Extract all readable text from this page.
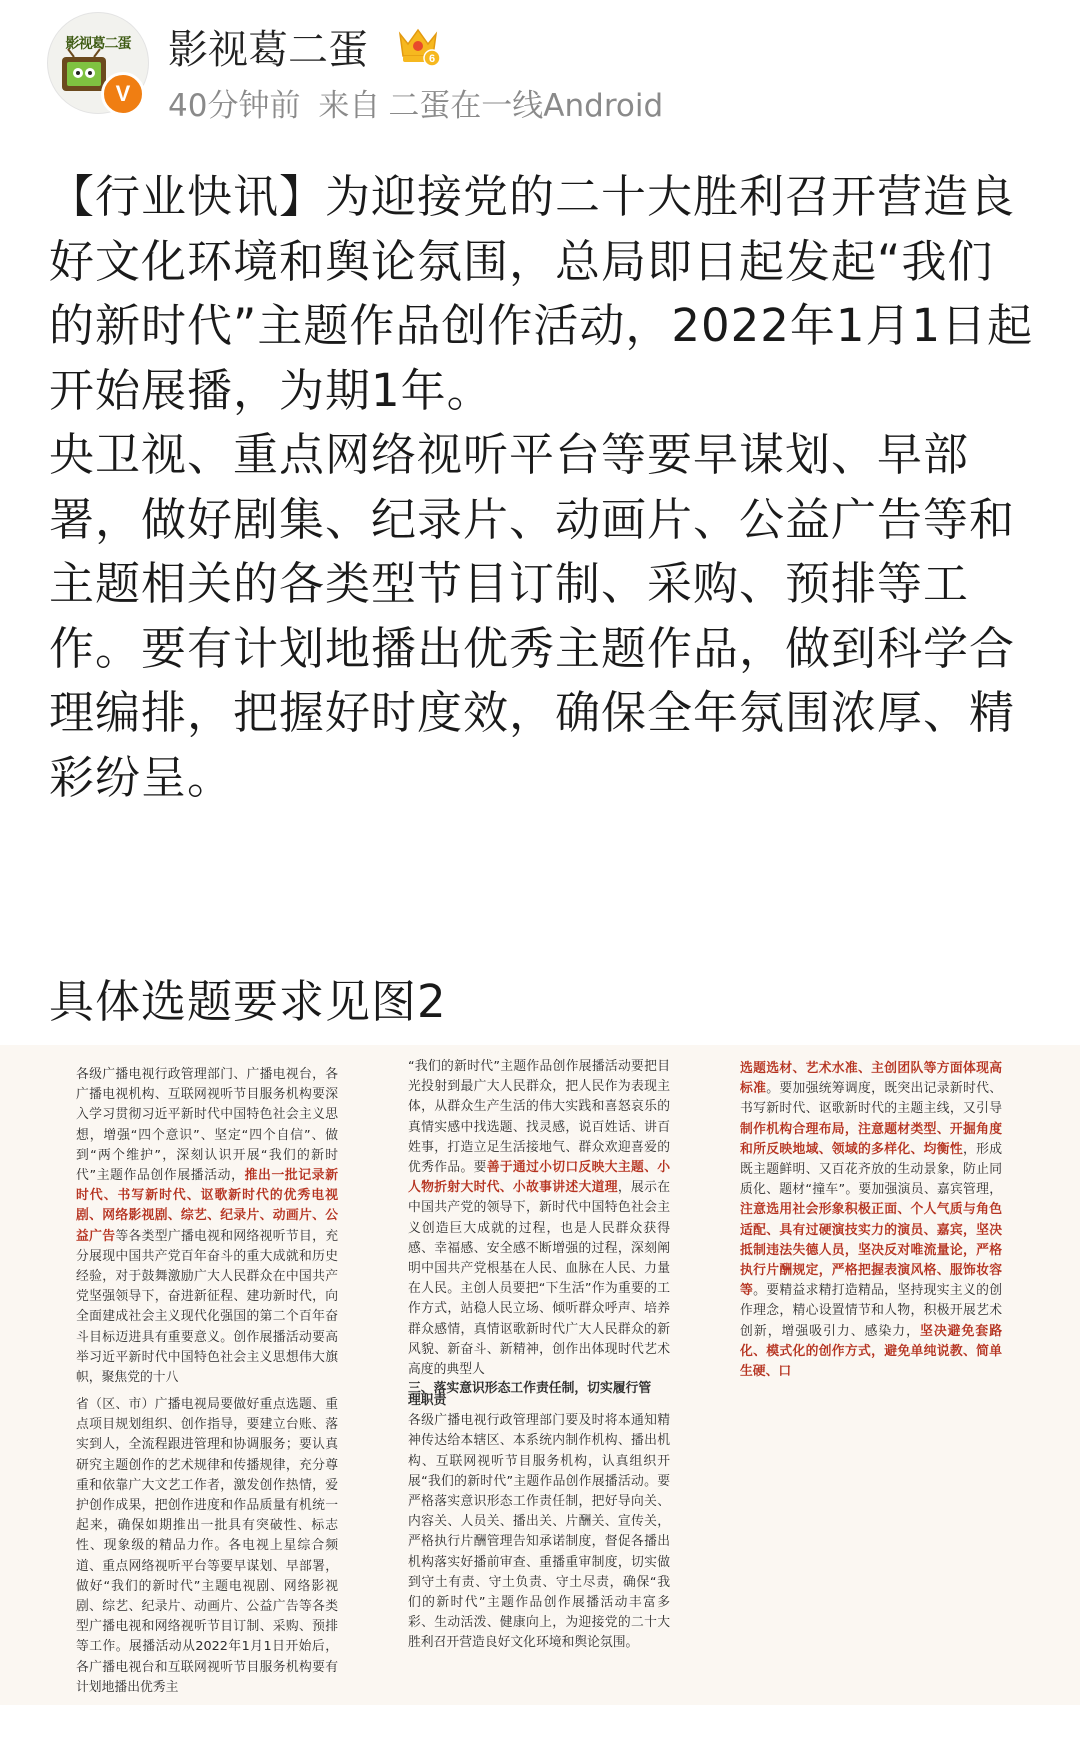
影视葛二蛋
V
影视葛二蛋	6
40分钟前 来自 二蛋在一线Android

【行业快讯】为迎接党的二十大胜利召开营造良好文化环境和舆论氛围，总局即日起发起“我们的新时代”主题作品创作活动，2022年1月1日起开始展播，为期1年。

央卫视、重点网络视听平台等要早谋划、早部署，做好剧集、纪录片、动画片、公益广告等和主题相关的各类型节目订制、采购、预排等工作。要有计划地播出优秀主题作品，做到科学合理编排，把握好时度效，确保全年氛围浓厚、精彩纷呈。

具体选题要求见图2
各级广播电视行政管理部门、广播电视台，各广播电视机构、互联网视听节目服务机构要深入学习贯彻习近平新时代中国特色社会主义思想，增强“四个意识”、坚定“四个自信”、做到“两个维护”，深刻认识开展“我们的新时代”主题作品创作展播活动，推出一批记录新时代、书写新时代、讴歌新时代的优秀电视剧、网络影视剧、综艺、纪录片、动画片、公益广告等各类型广播电视和网络视听节目，充分展现中国共产党百年奋斗的重大成就和历史经验，对于鼓舞激励广大人民群众在中国共产党坚强领导下，奋进新征程、建功新时代，向全面建成社会主义现代化强国的第二个百年奋斗目标迈进具有重要意义。创作展播活动要高举习近平新时代中国特色社会主义思想伟大旗帜，聚焦党的十八
“我们的新时代”主题作品创作展播活动要把目光投射到最广大人民群众，把人民作为表现主体，从群众生产生活的伟大实践和喜怒哀乐的真情实感中找选题、找灵感，说百姓话、讲百姓事，打造立足生活接地气、群众欢迎喜爱的优秀作品。要善于通过小切口反映大主题、小人物折射大时代、小故事讲述大道理，展示在中国共产党的领导下，新时代中国特色社会主义创造巨大成就的过程，也是人民群众获得感、幸福感、安全感不断增强的过程，深刻阐明中国共产党根基在人民、血脉在人民、力量在人民。主创人员要把“下生活”作为重要的工作方式，站稳人民立场、倾听群众呼声、培养群众感情，真情讴歌新时代广大人民群众的新风貌、新奋斗、新精神，创作出体现时代艺术高度的典型人
选题选材、艺术水准、主创团队等方面体现高标准。要加强统筹调度，既突出记录新时代、书写新时代、讴歌新时代的主题主线，又引导制作机构合理布局，注意题材类型、开掘角度和所反映地域、领域的多样化、均衡性，形成既主题鲜明、又百花齐放的生动景象，防止同质化、题材“撞车”。要加强演员、嘉宾管理，注意选用社会形象积极正面、个人气质与角色适配、具有过硬演技实力的演员、嘉宾，坚决抵制违法失德人员，坚决反对唯流量论，严格执行片酬规定，严格把握表演风格、服饰妆容等。要精益求精打造精品，坚持现实主义的创作理念，精心设置情节和人物，积极开展艺术创新，增强吸引力、感染力，坚决避免套路化、模式化的创作方式，避免单纯说教、简单生硬、口
省（区、市）广播电视局要做好重点选题、重点项目规划组织、创作指导，要建立台账、落实到人，全流程跟进管理和协调服务；要认真研究主题创作的艺术规律和传播规律，充分尊重和依靠广大文艺工作者，激发创作热情，爱护创作成果，把创作进度和作品质量有机统一起来，确保如期推出一批具有突破性、标志性、现象级的精品力作。各电视上星综合频道、重点网络视听平台等要早谋划、早部署，做好“我们的新时代”主题电视剧、网络影视剧、综艺、纪录片、动画片、公益广告等各类型广播电视和网络视听节目订制、采购、预排等工作。展播活动从2022年1月1日开始后，各广播电视台和互联网视听节目服务机构要有计划地播出优秀主
三、落实意识形态工作责任制，切实履行管
理职责
各级广播电视行政管理部门要及时将本通知精神传达给本辖区、本系统内制作机构、播出机构、互联网视听节目服务机构，认真组织开展“我们的新时代”主题作品创作展播活动。要严格落实意识形态工作责任制，把好导向关、内容关、人员关、播出关、片酬关、宣传关，严格执行片酬管理告知承诺制度，督促各播出机构落实好播前审查、重播重审制度，切实做到守土有责、守土负责、守土尽责，确保“我们的新时代”主题作品创作展播活动丰富多彩、生动活泼、健康向上，为迎接党的二十大胜利召开营造良好文化环境和舆论氛围。
